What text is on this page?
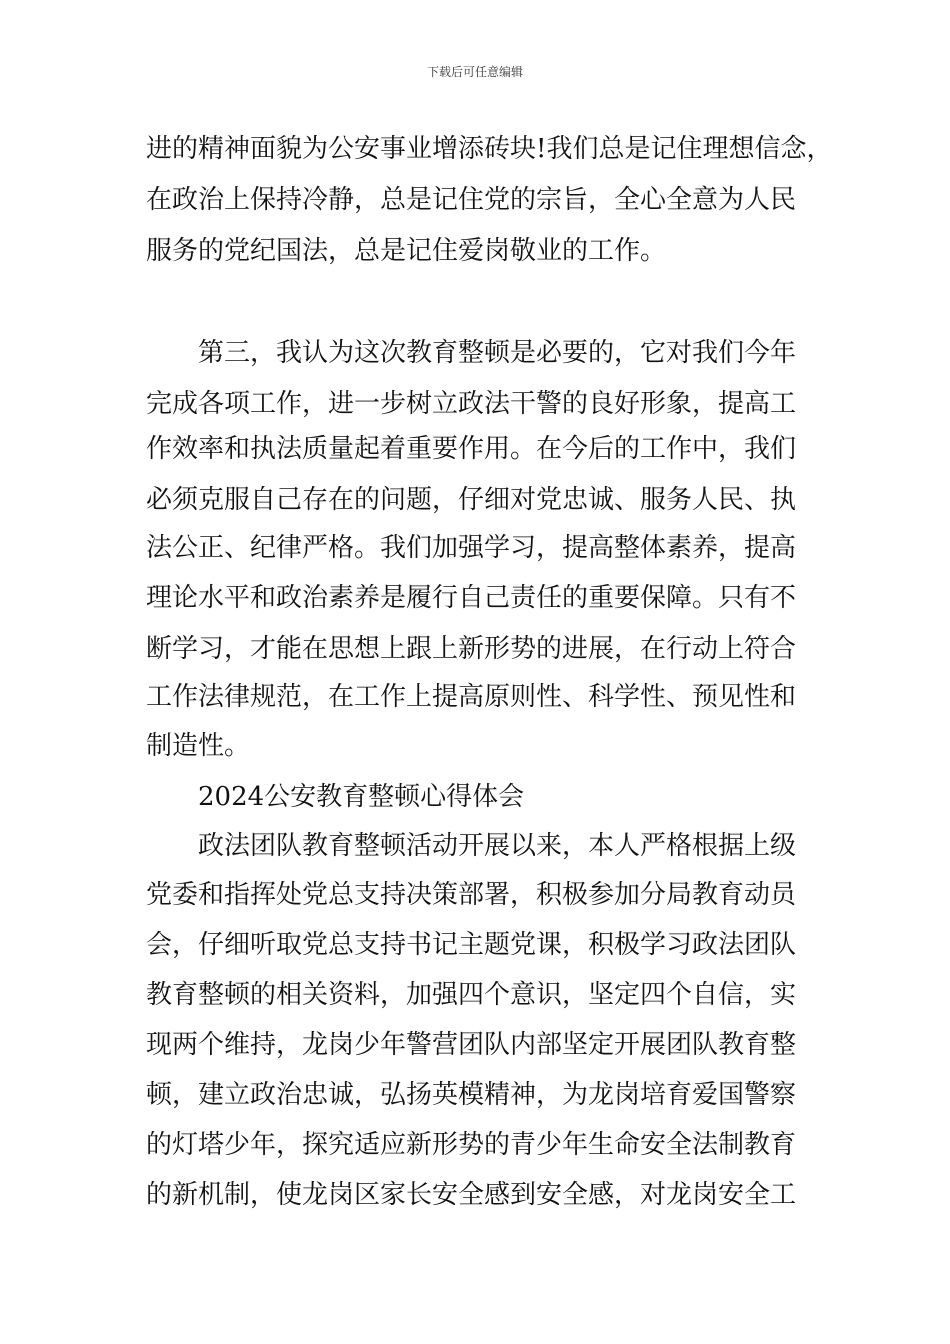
下载后可任意编辑
进的精神面貌为公安事业增添砖块!我们总是记住理想信念，
在政治上保持冷静，总是记住党的宗旨，全心全意为人民
服务的党纪国法，总是记住爱岗敬业的工作。
第三，我认为这次教育整顿是必要的，它对我们今年
完成各项工作，进一步树立政法干警的良好形象，提高工
作效率和执法质量起着重要作用。在今后的工作中，我们
必须克服自己存在的问题，仔细对党忠诚、服务人民、执
法公正、纪律严格。我们加强学习，提高整体素养，提高
理论水平和政治素养是履行自己责任的重要保障。只有不
断学习，才能在思想上跟上新形势的进展，在行动上符合
工作法律规范，在工作上提高原则性、科学性、预见性和
制造性。
2024公安教育整顿心得体会
政法团队教育整顿活动开展以来，本人严格根据上级
党委和指挥处党总支持决策部署，积极参加分局教育动员
会，仔细听取党总支持书记主题党课，积极学习政法团队
教育整顿的相关资料，加强四个意识，坚定四个自信，实
现两个维持，龙岗少年警营团队内部坚定开展团队教育整
顿，建立政治忠诚，弘扬英模精神，为龙岗培育爱国警察
的灯塔少年，探究适应新形势的青少年生命安全法制教育
的新机制，使龙岗区家长安全感到安全感，对龙岗安全工
